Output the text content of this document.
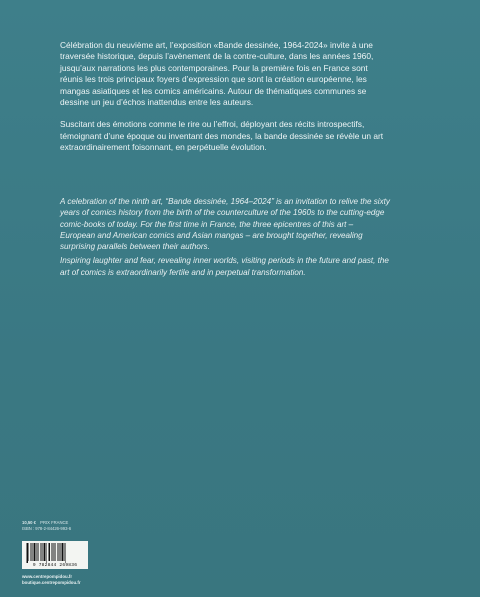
Célébration du neuvième art, l’exposition «Bande dessinée, 1964-2024» invite à une traversée historique, depuis l’avènement de la contre-culture, dans les années 1960, jusqu’aux narrations les plus contemporaines. Pour la première fois en France sont réunis les trois principaux foyers d’expression que sont la création européenne, les mangas asiatiques et les comics américains. Autour de thématiques communes se dessine un jeu d’échos inattendus entre les auteurs.

Suscitant des émotions comme le rire ou l’effroi, déployant des récits introspectifs, témoignant d’une époque ou inventant des mondes, la bande dessinée se révèle un art extraordinairement foisonnant, en perpétuelle évolution.

A celebration of the ninth art, “Bande dessinée, 1964–2024” is an invitation to relive the sixty years of comics history from the birth of the counterculture of the 1960s to the cutting-edge comic-books of today. For the first time in France, the three epicentres of this art – European and American comics and Asian mangas – are brought together, revealing surprising parallels between their authors.

Inspiring laughter and fear, revealing inner worlds, visiting periods in the future and past, the art of comics is extraordinarily fertile and in perpetual transformation.

10,50 € PRIX FRANCE
ISBN : 978-2-84426-993-6
9 782844 269836
www.centrepompidou.fr
boutique.centrepompidou.fr
